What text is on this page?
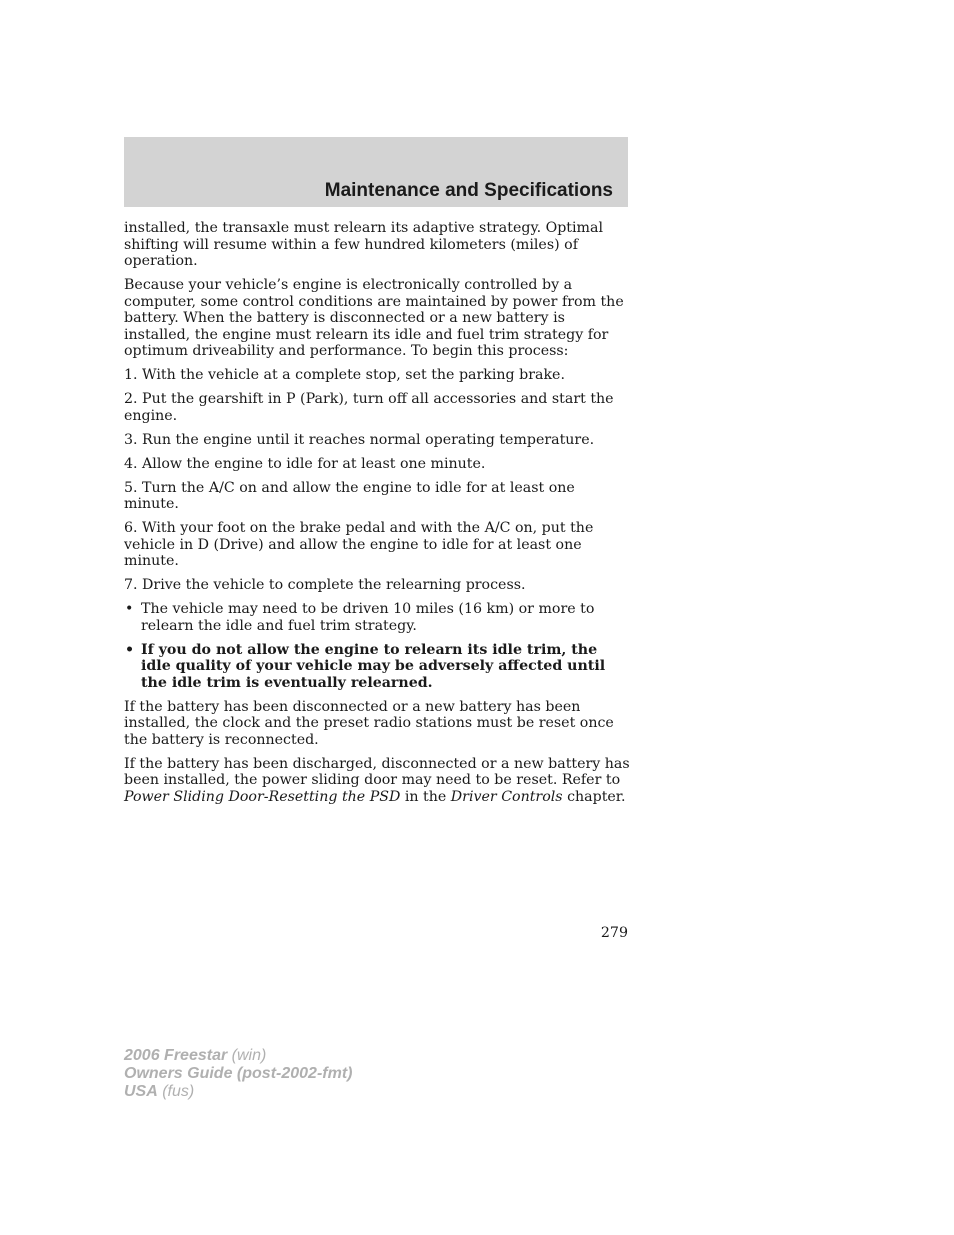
Maintenance and Specifications

installed, the transaxle must relearn its adaptive strategy. Optimal shifting will resume within a few hundred kilometers (miles) of operation.

Because your vehicle’s engine is electronically controlled by a computer, some control conditions are maintained by power from the battery. When the battery is disconnected or a new battery is installed, the engine must relearn its idle and fuel trim strategy for optimum driveability and performance. To begin this process:

1. With the vehicle at a complete stop, set the parking brake.

2. Put the gearshift in P (Park), turn off all accessories and start the engine.

3. Run the engine until it reaches normal operating temperature.

4. Allow the engine to idle for at least one minute.

5. Turn the A/C on and allow the engine to idle for at least one minute.

6. With your foot on the brake pedal and with the A/C on, put the vehicle in D (Drive) and allow the engine to idle for at least one minute.

7. Drive the vehicle to complete the relearning process.

• The vehicle may need to be driven 10 miles (16 km) or more to relearn the idle and fuel trim strategy.
• If you do not allow the engine to relearn its idle trim, the idle quality of your vehicle may be adversely affected until the idle trim is eventually relearned.

If the battery has been disconnected or a new battery has been installed, the clock and the preset radio stations must be reset once the battery is reconnected.

If the battery has been discharged, disconnected or a new battery has been installed, the power sliding door may need to be reset. Refer to Power Sliding Door-Resetting the PSD in the Driver Controls chapter.

279
2006 Freestar (win)
Owners Guide (post-2002-fmt)
USA (fus)
